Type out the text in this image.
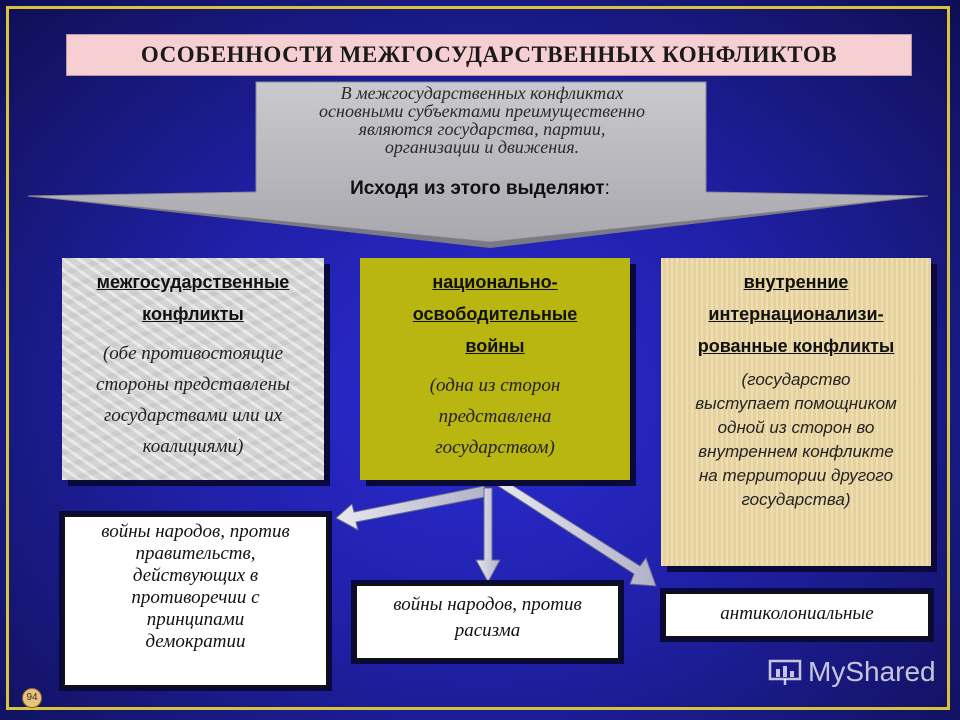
ОСОБЕННОСТИ МЕЖГОСУДАРСТВЕННЫХ КОНФЛИКТОВ
В межгосударственных конфликтах
основными субъектами преимущественно
являются государства, партии,
организации и движения.
Исходя из этого выделяют:
межгосударственные
конфликты
(обе противостоящие
стороны представлены
государствами или их
коалициями)
национально-
освободительные
войны
(одна из сторон
представлена
государством)
внутренние
интернационализи-
рованные конфликты
(государство
выступает помощником
одной из сторон во
внутреннем конфликте
на территории другого
государства)
войны народов, против
правительств,
действующих в
противоречии с
принципами
демократии
войны народов, против
расизма
антиколониальные
94
MyShared
